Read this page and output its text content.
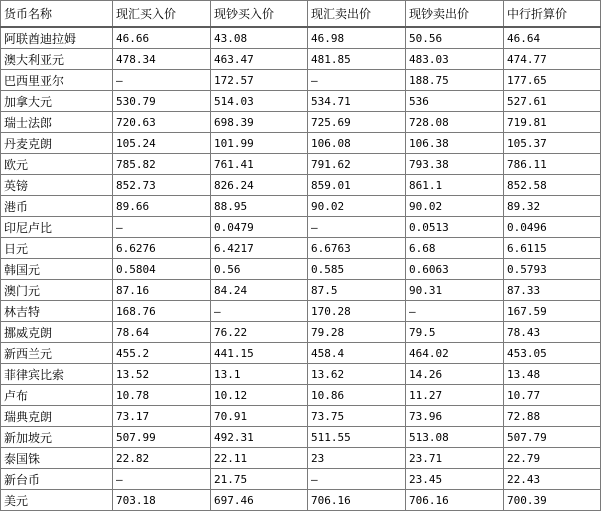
货币名称	现汇买入价	现钞买入价	现汇卖出价	现钞卖出价	中行折算价
阿联酋迪拉姆	46.66	43.08	46.98	50.56	46.64
澳大利亚元	478.34	463.47	481.85	483.03	474.77
巴西里亚尔	—	172.57	—	188.75	177.65
加拿大元	530.79	514.03	534.71	536	527.61
瑞士法郎	720.63	698.39	725.69	728.08	719.81
丹麦克朗	105.24	101.99	106.08	106.38	105.37
欧元	785.82	761.41	791.62	793.38	786.11
英镑	852.73	826.24	859.01	861.1	852.58
港币	89.66	88.95	90.02	90.02	89.32
印尼卢比	—	0.0479	—	0.0513	0.0496
日元	6.6276	6.4217	6.6763	6.68	6.6115
韩国元	0.5804	0.56	0.585	0.6063	0.5793
澳门元	87.16	84.24	87.5	90.31	87.33
林吉特	168.76	—	170.28	—	167.59
挪威克朗	78.64	76.22	79.28	79.5	78.43
新西兰元	455.2	441.15	458.4	464.02	453.05
菲律宾比索	13.52	13.1	13.62	14.26	13.48
卢布	10.78	10.12	10.86	11.27	10.77
瑞典克朗	73.17	70.91	73.75	73.96	72.88
新加坡元	507.99	492.31	511.55	513.08	507.79
泰国铢	22.82	22.11	23	23.71	22.79
新台币	—	21.75	—	23.45	22.43
美元	703.18	697.46	706.16	706.16	700.39
